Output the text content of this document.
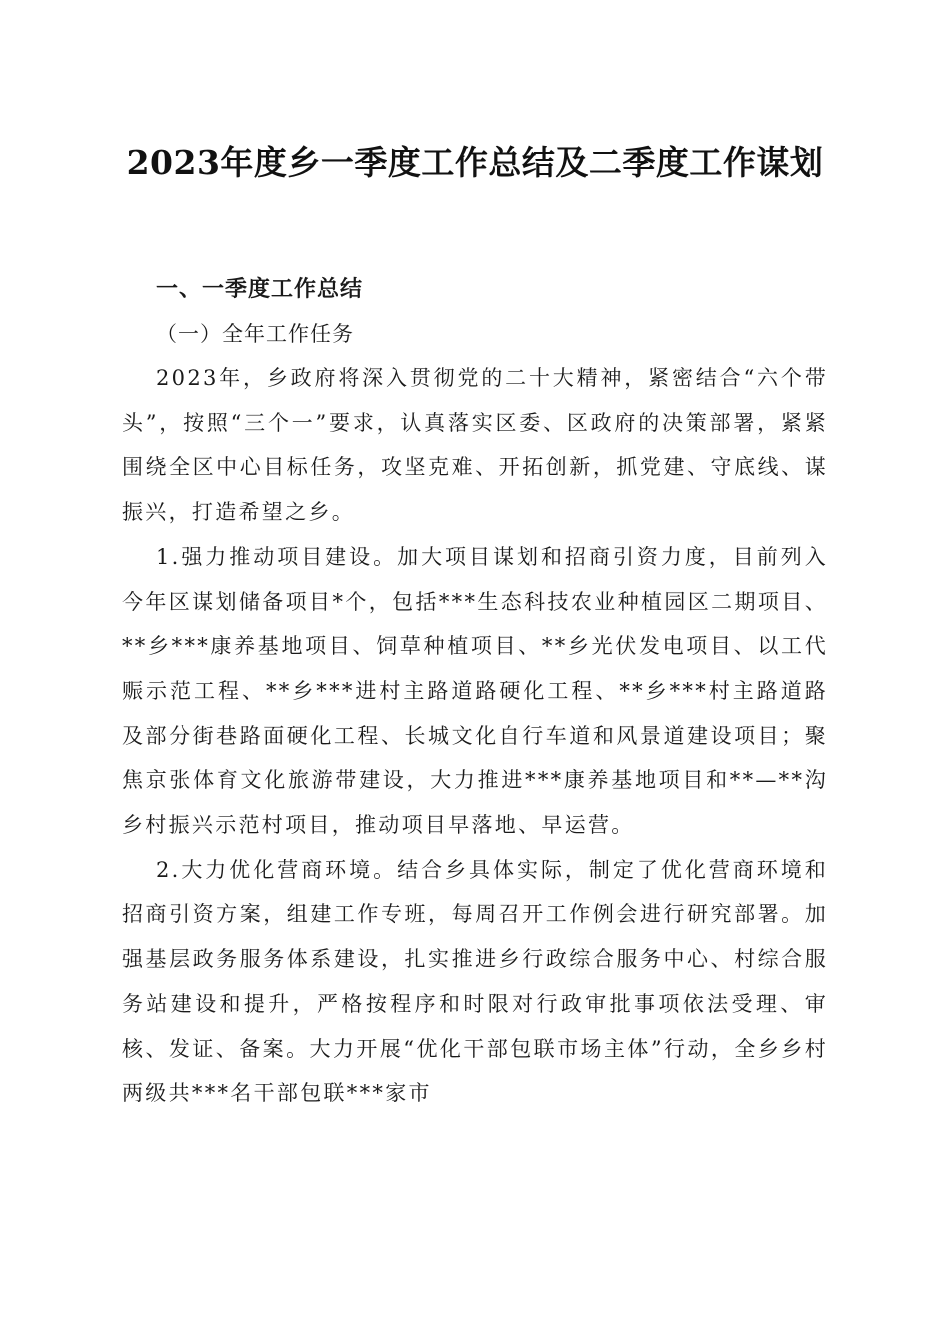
2023年度乡一季度工作总结及二季度工作谋划

一、一季度工作总结

（一）全年工作任务

2023年，乡政府将深入贯彻党的二十大精神，紧密结合“六个带头”，按照“三个一”要求，认真落实区委、区政府的决策部署，紧紧围绕全区中心目标任务，攻坚克难、开拓创新，抓党建、守底线、谋振兴，打造希望之乡。

1.强力推动项目建设。加大项目谋划和招商引资力度，目前列入今年区谋划储备项目*个，包括***生态科技农业种植园区二期项目、**乡***康养基地项目、饲草种植项目、**乡光伏发电项目、以工代赈示范工程、**乡***进村主路道路硬化工程、**乡***村主路道路及部分街巷路面硬化工程、长城文化自行车道和风景道建设项目；聚焦京张体育文化旅游带建设，大力推进***康养基地项目和**—**沟乡村振兴示范村项目，推动项目早落地、早运营。

2.大力优化营商环境。结合乡具体实际，制定了优化营商环境和招商引资方案，组建工作专班，每周召开工作例会进行研究部署。加强基层政务服务体系建设，扎实推进乡行政综合服务中心、村综合服务站建设和提升，严格按程序和时限对行政审批事项依法受理、审核、发证、备案。大力开展“优化干部包联市场主体”行动，全乡乡村两级共***名干部包联***家市
